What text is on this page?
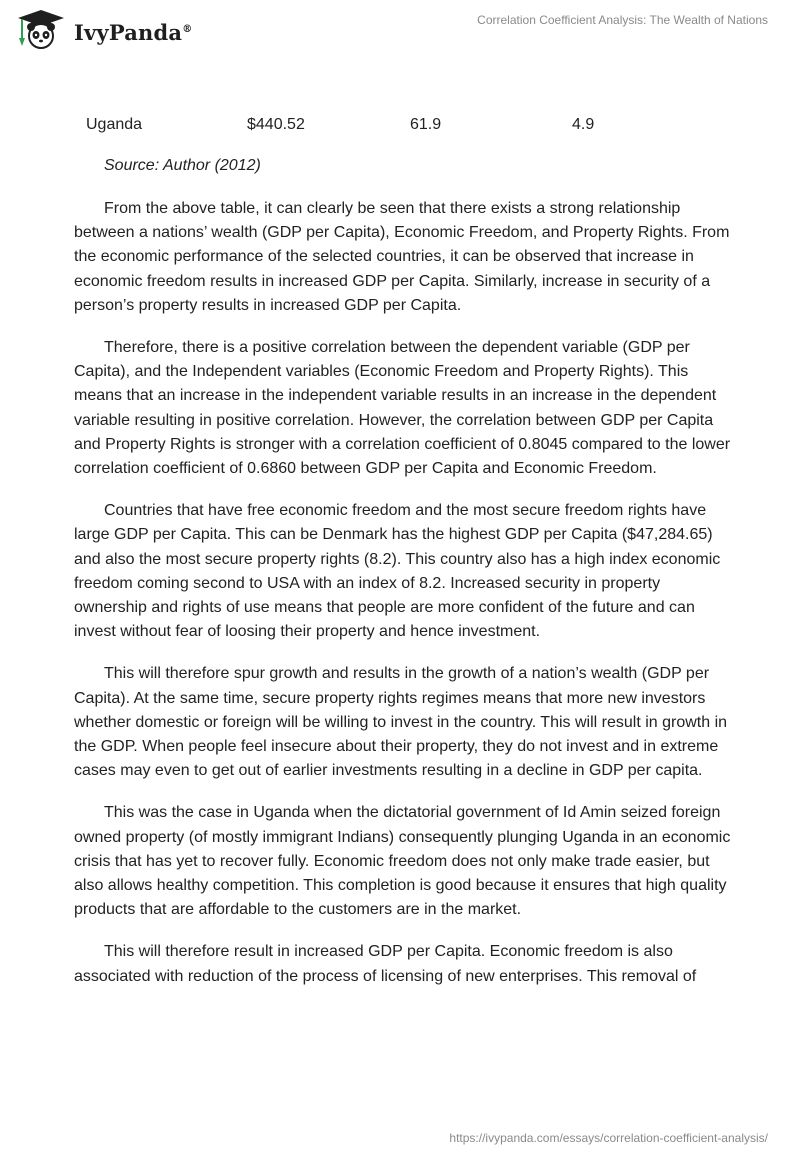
IvyPanda®
Correlation Coefficient Analysis: The Wealth of Nations
Uganda	$440.52	61.9	4.9
Source: Author (2012)

From the above table, it can clearly be seen that there exists a strong relationship between a nations’ wealth (GDP per Capita), Economic Freedom, and Property Rights. From the economic performance of the selected countries, it can be observed that increase in economic freedom results in increased GDP per Capita. Similarly, increase in security of a person’s property results in increased GDP per Capita.

Therefore, there is a positive correlation between the dependent variable (GDP per Capita), and the Independent variables (Economic Freedom and Property Rights). This means that an increase in the independent variable results in an increase in the dependent variable resulting in positive correlation. However, the correlation between GDP per Capita and Property Rights is stronger with a correlation coefficient of 0.8045 compared to the lower correlation coefficient of 0.6860 between GDP per Capita and Economic Freedom.

Countries that have free economic freedom and the most secure freedom rights have large GDP per Capita. This can be Denmark has the highest GDP per Capita ($47,284.65) and also the most secure property rights (8.2). This country also has a high index economic freedom coming second to USA with an index of 8.2. Increased security in property ownership and rights of use means that people are more confident of the future and can invest without fear of loosing their property and hence investment.

This will therefore spur growth and results in the growth of a nation’s wealth (GDP per Capita). At the same time, secure property rights regimes means that more new investors whether domestic or foreign will be willing to invest in the country. This will result in growth in the GDP. When people feel insecure about their property, they do not invest and in extreme cases may even to get out of earlier investments resulting in a decline in GDP per capita.

This was the case in Uganda when the dictatorial government of Id Amin seized foreign owned property (of mostly immigrant Indians) consequently plunging Uganda in an economic crisis that has yet to recover fully. Economic freedom does not only make trade easier, but also allows healthy competition. This completion is good because it ensures that high quality products that are affordable to the customers are in the market.

This will therefore result in increased GDP per Capita. Economic freedom is also associated with reduction of the process of licensing of new enterprises. This removal of

https://ivypanda.com/essays/correlation-coefficient-analysis/
